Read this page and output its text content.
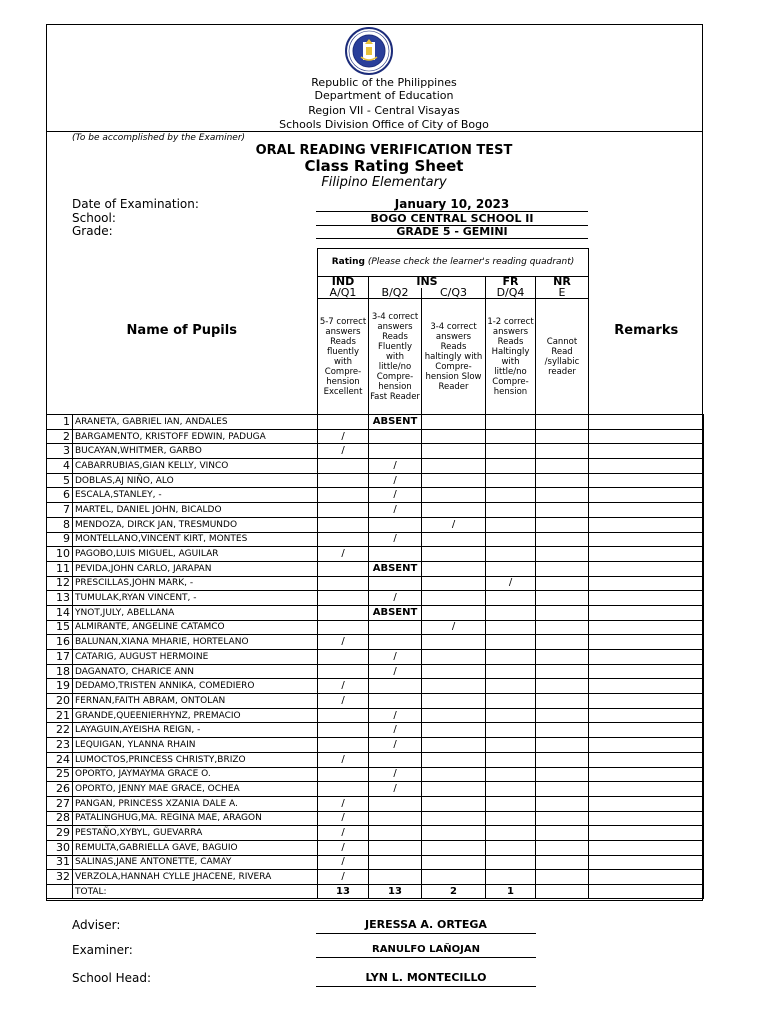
Republic of the Philippines
Department of Education
Region VII - Central Visayas
Schools Division Office of City of Bogo
(To be accomplished by the Examiner)
ORAL READING VERIFICATION TEST
Class Rating Sheet
Filipino Elementary
Date of Examination:	January 10, 2023
School:	BOGO CENTRAL SCHOOL II
Grade:	GRADE 5 - GEMINI
Name of Pupils		Rating (Please check the learner's reading quadrant)					Remarks
		IND	INS		FR	NR	
		A/Q1	B/Q2	C/Q3	D/Q4	E	
		5-7 correct answers Reads fluently with Compre- hension Excellent	3-4 correct answers Reads Fluently with little/no Compre- hension Fast Reader	3-4 correct answers Reads haltingly with Compre- hension Slow Reader	1-2 correct answers Reads Haltingly with little/no Compre- hension	Cannot Read /syllabic reader	
1	ARANETA, GABRIEL IAN, ANDALES		ABSENT				
2	BARGAMENTO, KRISTOFF EDWIN, PADUGA	/					
3	BUCAYAN,WHITMER, GARBO	/					
4	CABARRUBIAS,GIAN KELLY, VINCO		/				
5	DOBLAS,AJ NIÑO, ALO		/				
6	ESCALA,STANLEY, -		/				
7	MARTEL, DANIEL JOHN, BICALDO		/				
8	MENDOZA, DIRCK JAN, TRESMUNDO			/			
9	MONTELLANO,VINCENT KIRT, MONTES		/				
10	PAGOBO,LUIS MIGUEL, AGUILAR	/					
11	PEVIDA,JOHN CARLO, JARAPAN		ABSENT				
12	PRESCILLAS,JOHN MARK, -				/		
13	TUMULAK,RYAN VINCENT, -		/				
14	YNOT,JULY, ABELLANA		ABSENT				
15	ALMIRANTE, ANGELINE CATAMCO			/			
16	BALUNAN,XIANA MHARIE, HORTELANO	/					
17	CATARIG, AUGUST HERMOINE		/				
18	DAGANATO, CHARICE ANN		/				
19	DEDAMO,TRISTEN ANNIKA, COMEDIERO	/					
20	FERNAN,FAITH ABRAM, ONTOLAN	/					
21	GRANDE,QUEENIERHYNZ, PREMACIO		/				
22	LAYAGUIN,AYEISHA REIGN, -		/				
23	LEQUIGAN, YLANNA RHAIN		/				
24	LUMOCTOS,PRINCESS CHRISTY,BRIZO	/					
25	OPORTO, JAYMAYMA GRACE O.		/				
26	OPORTO, JENNY MAE GRACE, OCHEA		/				
27	PANGAN, PRINCESS XZANIA DALE A.	/					
28	PATALINGHUG,MA. REGINA MAE, ARAGON	/					
29	PESTAÑO,XYBYL, GUEVARRA	/					
30	REMULTA,GABRIELLA GAVE, BAGUIO	/					
31	SALINAS,JANE ANTONETTE, CAMAY	/					
32	VERZOLA,HANNAH CYLLE JHACENE, RIVERA	/					
	TOTAL:	13	13	2	1		
Adviser:	JERESSA A. ORTEGA
Examiner:	RANULFO LAÑOJAN
School Head:	LYN L. MONTECILLO
